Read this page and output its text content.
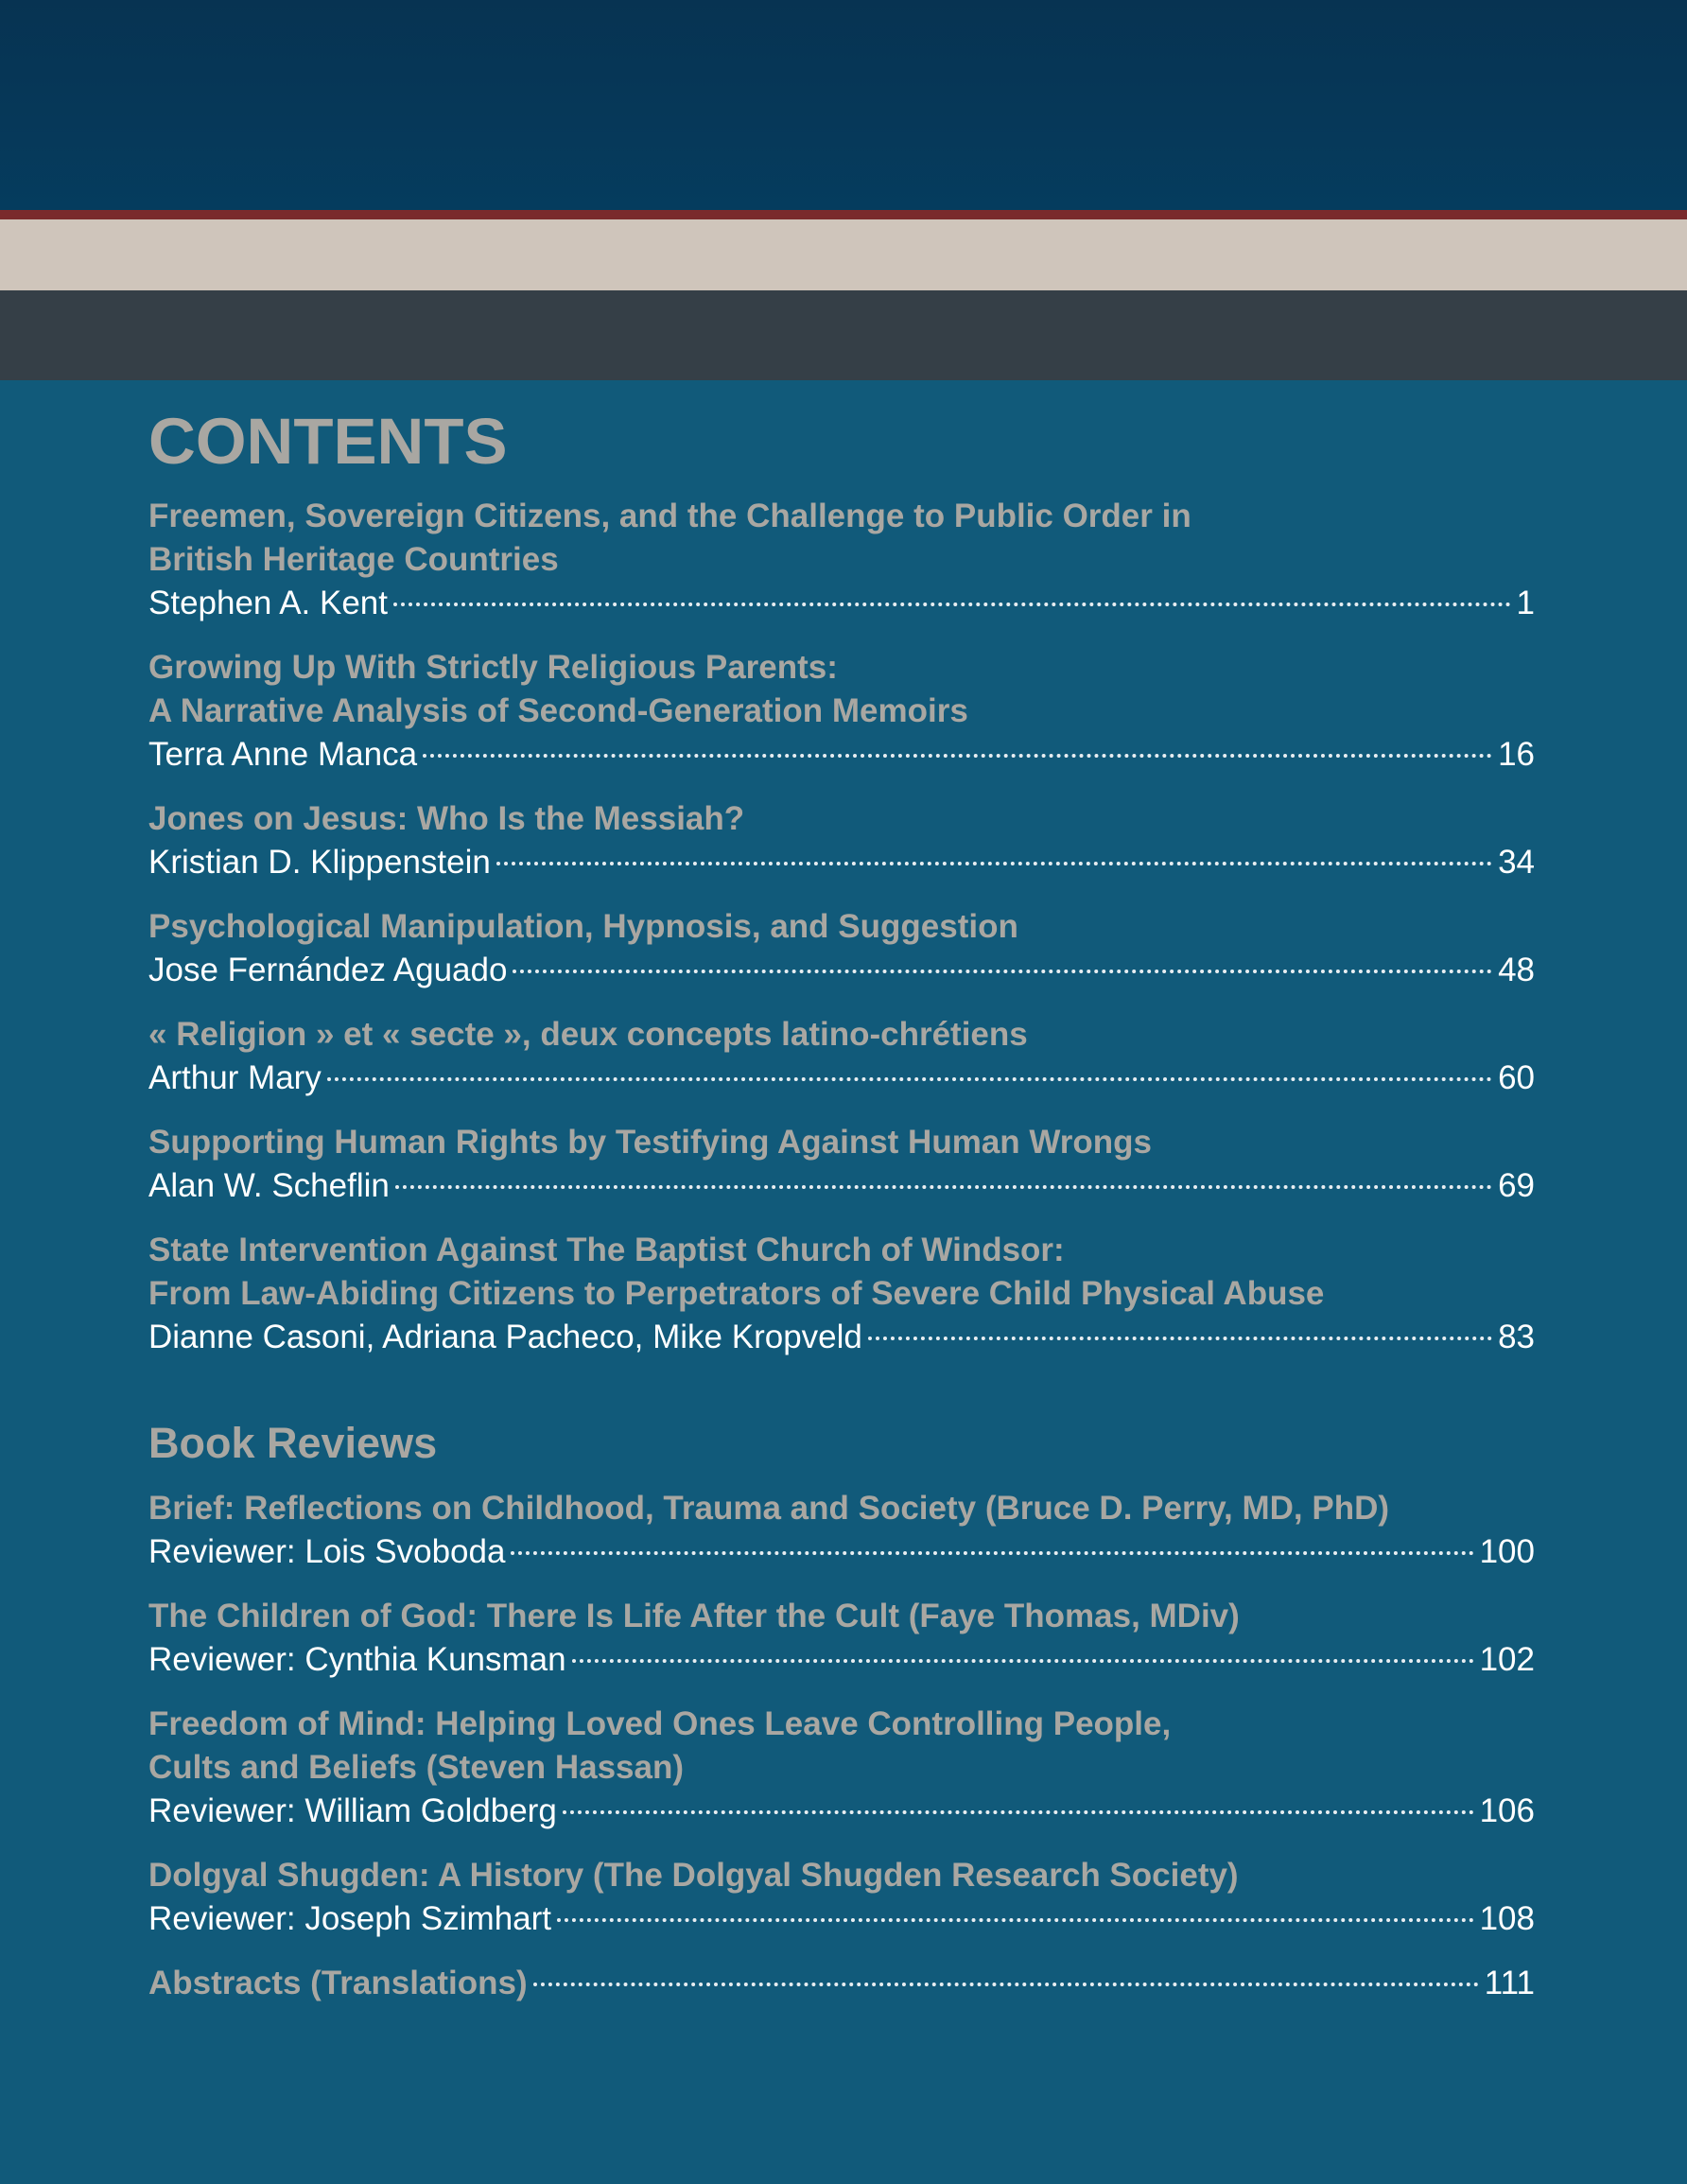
CONTENTS
Freemen, Sovereign Citizens, and the Challenge to Public Order in
British Heritage Countries
Stephen A. Kent	1
Growing Up With Strictly Religious Parents:
A Narrative Analysis of Second-Generation Memoirs
Terra Anne Manca	16
Jones on Jesus: Who Is the Messiah?
Kristian D. Klippenstein	34
Psychological Manipulation, Hypnosis, and Suggestion
Jose Fernández Aguado	48
« Religion » et « secte », deux concepts latino-chrétiens
Arthur Mary	60
Supporting Human Rights by Testifying Against Human Wrongs
Alan W. Scheflin	69
State Intervention Against The Baptist Church of Windsor:
From Law-Abiding Citizens to Perpetrators of Severe Child Physical Abuse
Dianne Casoni, Adriana Pacheco, Mike Kropveld	83
Book Reviews
Brief: Reflections on Childhood, Trauma and Society (Bruce D. Perry, MD, PhD)
Reviewer: Lois Svoboda	100
The Children of God: There Is Life After the Cult (Faye Thomas, MDiv)
Reviewer: Cynthia Kunsman	102
Freedom of Mind: Helping Loved Ones Leave Controlling People,
Cults and Beliefs (Steven Hassan)
Reviewer: William Goldberg	106
Dolgyal Shugden: A History (The Dolgyal Shugden Research Society)
Reviewer: Joseph Szimhart	108
Abstracts (Translations)	111
